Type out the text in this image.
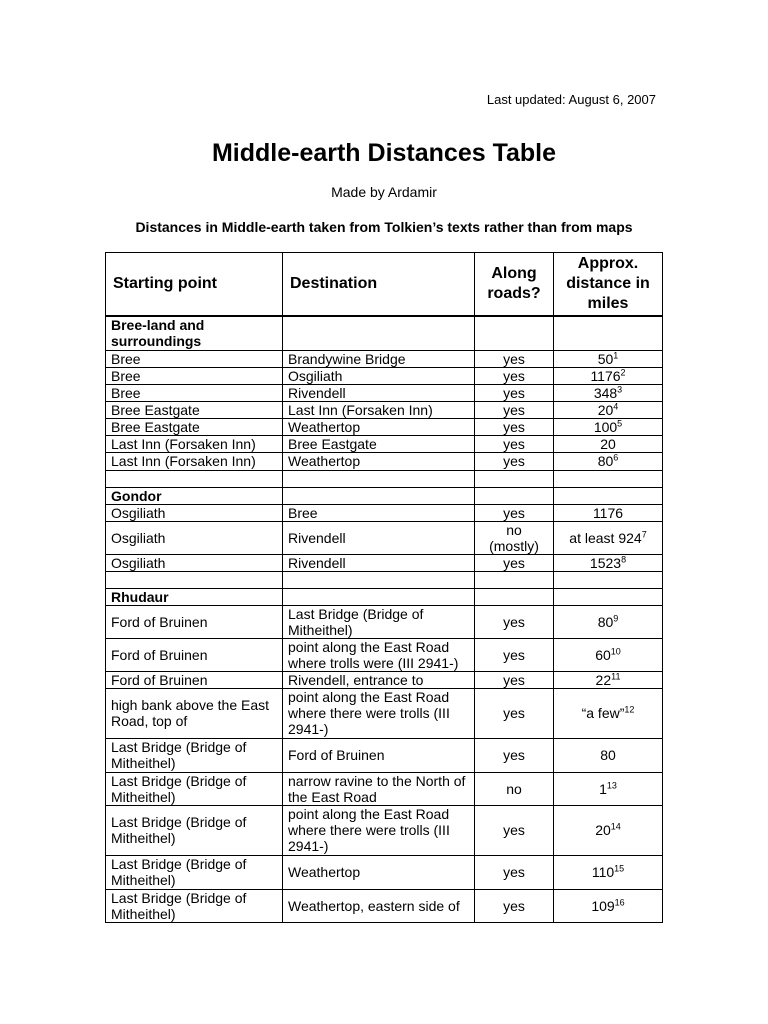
Last updated: August 6, 2007
Middle-earth Distances Table
Made by Ardamir
Distances in Middle-earth taken from Tolkien’s texts rather than from maps
Starting point	Destination	Along roads?	Approx. distance in miles
Bree-land and surroundings			
Bree	Brandywine Bridge	yes	$50^1$
Bree	Osgiliath	yes	1176$^2$
Bree	Rivendell	yes	$348^3$
Bree Eastgate	Last Inn (Forsaken Inn)	yes	$20^4$
Bree Eastgate	Weathertop	yes	$100^5$
Last Inn (Forsaken Inn)	Bree Eastgate	yes	20
Last Inn (Forsaken Inn)	Weathertop	yes	$80^6$

Gondor			
Osgiliath	Bree	yes	1176
Osgiliath	Rivendell	no (mostly)	at least $924^7$
Osgiliath	Rivendell	yes	1523$^8$

Rhudaur			
Ford of Bruinen	Last Bridge (Bridge of Mitheithel)	yes	$80^9$
Ford of Bruinen	point along the East Road where trolls were (III 2941-)	yes	$60^{10}$
Ford of Bruinen	Rivendell, entrance to	yes	$22^{11}$
high bank above the East Road, top of	point along the East Road where there were trolls (III 2941-)	yes	“a few”$^{12}$
Last Bridge (Bridge of Mitheithel)	Ford of Bruinen	yes	80
Last Bridge (Bridge of Mitheithel)	narrow ravine to the North of the East Road	no	$1^{13}$
Last Bridge (Bridge of Mitheithel)	point along the East Road where there were trolls (III 2941-)	yes	$20^{14}$
Last Bridge (Bridge of Mitheithel)	Weathertop	yes	$110^{15}$
Last Bridge (Bridge of Mitheithel)	Weathertop, eastern side of	yes	$109^{16}$
